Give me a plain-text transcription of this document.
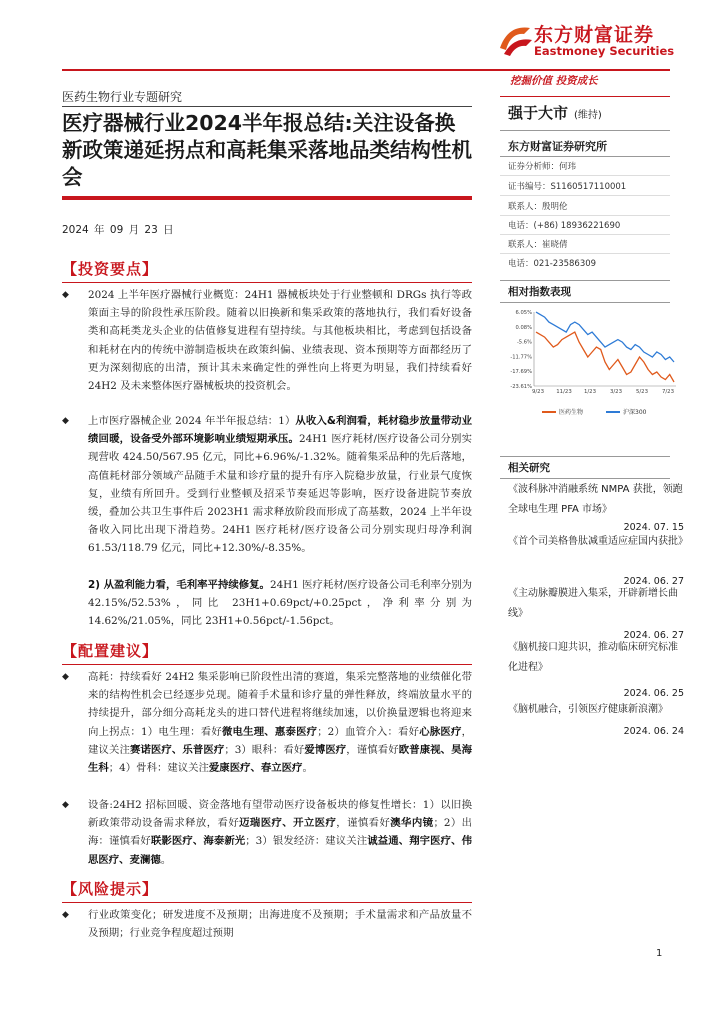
东方财富证券
Eastmoney Securities
挖掘价值 投资成长
医药生物行业专题研究
医疗器械行业2024半年报总结:关注设备换新政策递延拐点和高耗集采落地品类结构性机会
2024 年 09 月 23 日
【投资要点】
◆ 2024 上半年医疗器械行业概览：24H1 器械板块处于行业整顿和 DRGs 执行等政策面主导的阶段性承压阶段。随着以旧换新和集采政策的落地执行，我们看好设备类和高耗类龙头企业的估值修复进程有望持续。与其他板块相比，考虑到包括设备和耗材在内的传统中游制造板块在政策纠偏、业绩表现、资本预期等方面都经历了更为深刻彻底的出清，预计其未来确定性的弹性向上将更为明显，我们持续看好 24H2 及未来整体医疗器械板块的投资机会。
◆ 上市医疗器械企业 2024 年半年报总结：1）从收入&利润看，耗材稳步放量带动业绩回暖，设备受外部环境影响业绩短期承压。24H1 医疗耗材/医疗设备公司分别实现营收 424.50/567.95 亿元，同比+6.96%/-1.32%。随着集采品种的先后落地，高值耗材部分领域产品随手术量和诊疗量的提升有序入院稳步放量，行业景气度恢复，业绩有所回升。受到行业整顿及招采节奏延迟等影响，医疗设备进院节奏放缓，叠加公共卫生事件后 2023H1 需求释放阶段而形成了高基数，2024 上半年设备收入同比出现下滑趋势。24H1 医疗耗材/医疗设备公司分别实现归母净利润 61.53/118.79 亿元，同比+12.30%/-8.35%。
2) 从盈利能力看，毛利率平持续修复。24H1 医疗耗材/医疗设备公司毛利率分别为 42.15%/52.53%，同比 23H1+0.69pct/+0.25pct，净利率分别为 14.62%/21.05%，同比 23H1+0.56pct/-1.56pct。
【配置建议】
◆ 高耗：持续看好 24H2 集采影响已阶段性出清的赛道，集采完整落地的业绩催化带来的结构性机会已经逐步兑现。随着手术量和诊疗量的弹性释放，终端放量水平的持续提升，部分细分高耗龙头的进口替代进程将继续加速，以价换量逻辑也将迎来向上拐点：1）电生理：看好微电生理、惠泰医疗；2）血管介入：看好心脉医疗，建议关注赛诺医疗、乐普医疗；3）眼科：看好爱博医疗，谨慎看好欧普康视、昊海生科；4）骨科：建议关注爱康医疗、春立医疗。
◆ 设备:24H2 招标回暖、资金落地有望带动医疗设备板块的修复性增长：1）以旧换新政策带动设备需求释放，看好迈瑞医疗、开立医疗，谨慎看好澳华内镜；2）出海：谨慎看好联影医疗、海泰新光；3）银发经济：建议关注诚益通、翔宇医疗、伟思医疗、麦澜德。
【风险提示】
◆ 行业政策变化；研发进度不及预期；出海进度不及预期；手术量需求和产品放量不及预期；行业竞争程度超过预期
强于大市 (维持)
东方财富证券研究所
证券分析师：何玮
证书编号：S1160517110001
联系人：殷明伦
电话：(+86) 18936221690
联系人：崔晓倩
电话：021-23586309
相对指数表现
6.05%
0.08%
-5.6%
-11.77%
-17.69%
-23.61%
9/23 11/23 1/23	3/23	5/23	7/23
医药生物	沪深300
相关研究
《波科脉冲消融系统 NMPA 获批，领跑全球电生理 PFA 市场》
2024. 07. 15
《首个司美格鲁肽减重适应症国内获批》
2024. 06. 27
《主动脉瓣膜进入集采，开辟新增长曲线》
2024. 06. 27
《脑机接口迎共识，推动临床研究标准化进程》
2024. 06. 25
《脑机融合，引领医疗健康新浪潮》
2024. 06. 24
1
